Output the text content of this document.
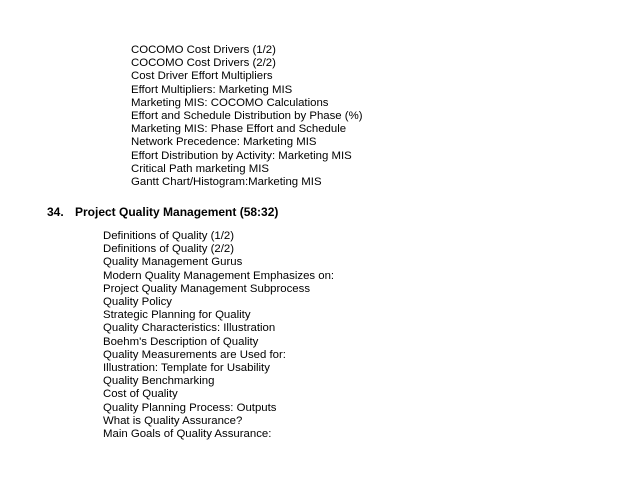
COCOMO Cost Drivers (1/2)
COCOMO Cost Drivers (2/2)
Cost Driver Effort Multipliers
Effort Multipliers: Marketing MIS
Marketing MIS: COCOMO Calculations
Effort and Schedule Distribution by Phase (%)
Marketing MIS: Phase Effort and Schedule
Network Precedence: Marketing MIS
Effort Distribution by Activity: Marketing MIS
Critical Path marketing MIS
Gantt Chart/Histogram:Marketing MIS
34. Project Quality Management (58:32)
Definitions of Quality (1/2)
Definitions of Quality (2/2)
Quality Management Gurus
Modern Quality Management Emphasizes on:
Project Quality Management Subprocess
Quality Policy
Strategic Planning for Quality
Quality Characteristics: Illustration
Boehm's Description of Quality
Quality Measurements are Used for:
Illustration: Template for Usability
Quality Benchmarking
Cost of Quality
Quality Planning Process: Outputs
What is Quality Assurance?
Main Goals of Quality Assurance:
